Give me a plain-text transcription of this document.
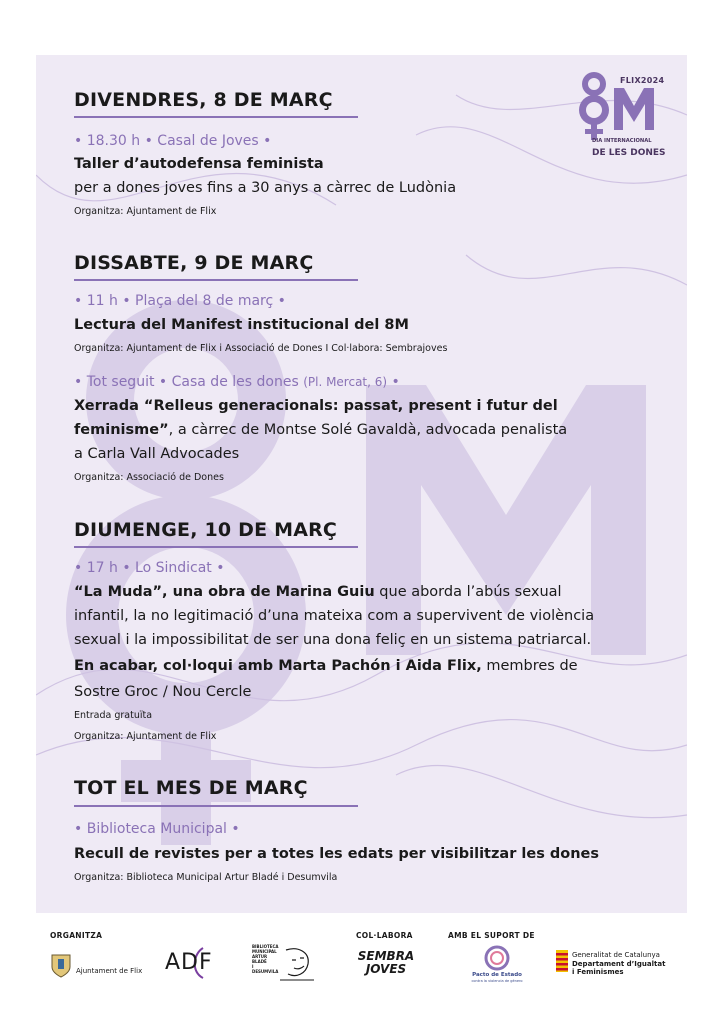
FLIX2024
DIA INTERNACIONAL
DE LES DONES
DIVENDRES, 8 DE MARÇ
• 18.30 h • Casal de Joves •
Taller d’autodefensa feminista
per a dones joves fins a 30 anys a càrrec de Ludònia
Organitza: Ajuntament de Flix
DISSABTE, 9 DE MARÇ
• 11 h • Plaça del 8 de març •
Lectura del Manifest institucional del 8M
Organitza: Ajuntament de Flix i Associació de Dones I Col·labora: Sembrajoves
• Tot seguit • Casa de les dones (Pl. Mercat, 6) •
Xerrada “Relleus generacionals: passat, present i futur del
feminisme”, a càrrec de Montse Solé Gavaldà, advocada penalista
a Carla Vall Advocades
Organitza: Associació de Dones
DIUMENGE, 10 DE MARÇ
• 17 h • Lo Sindicat •
“La Muda”, una obra de Marina Guiu que aborda l’abús sexual
infantil, la no legitimació d’una mateixa com a supervivent de violència
sexual i la impossibilitat de ser una dona feliç en un sistema patriarcal.
En acabar, col·loqui amb Marta Pachón i Aida Flix, membres de
Sostre Groc / Nou Cercle
Entrada gratuïta
Organitza: Ajuntament de Flix
TOT EL MES DE MARÇ
• Biblioteca Municipal •
Recull de revistes per a totes les edats per visibilitzar les dones
Organitza: Biblioteca Municipal Artur Bladé i Desumvila
ORGANITZA	COL·LABORA	AMB EL SUPORT DE
Ajuntament de Flix ADF
BIBLIOTECA
MUNICIPAL
ARTUR BLADÉ
I DESUMVILA
SEMBRA
JOVES	Pacto de Estado
contra la violencia de género
Generalitat de Catalunya
Departament d’Igualtat
i Feminismes
